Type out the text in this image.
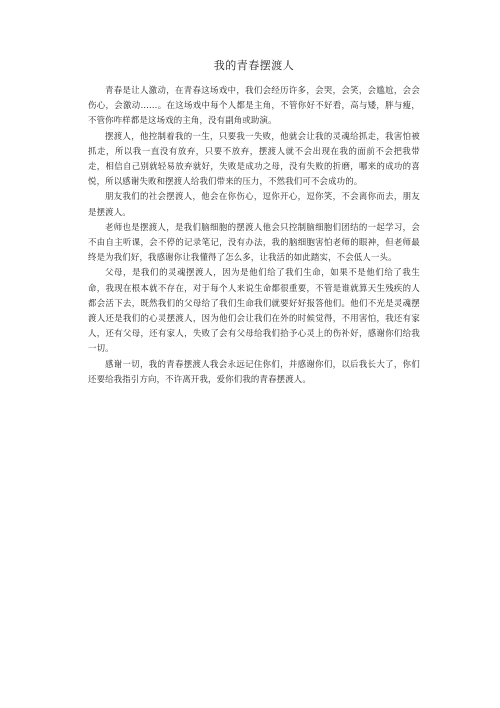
我的青春摆渡人

青春是让人激动，在青春这场戏中，我们会经历许多，会哭，会笑，会尴尬，会会伤心，会激动……。在这场戏中每个人都是主角，不管你好不好看，高与矮，胖与瘦，不管你咋样都是这场戏的主角，没有副角或助演。

摆渡人，他控制着我的一生，只要我一失败，他就会让我的灵魂给抓走，我害怕被抓走，所以我一直没有放弃，只要不放弃，摆渡人就不会出现在我的面前不会把我带走，相信自己别就轻易放弃就好，失败是成功之母，没有失败的折磨，哪来的成功的喜悦，所以感谢失败和摆渡人给我们带来的压力，不然我们可不会成功的。

朋友我们的社会摆渡人，他会在你伤心，逗你开心，逗你笑，不会离你而去，朋友是摆渡人。

老师也是摆渡人，是我们脑细胞的摆渡人他会只控制脑细胞们团结的一起学习，会不由自主听课，会不停的记录笔记，没有办法，我的脑细胞害怕老师的眼神，但老师最终是为我们好，我感谢你让我懂得了怎么多，让我活的如此踏实，不会低人一头。

父母，是我们的灵魂摆渡人，因为是他们给了我们生命，如果不是他们给了我生命，我现在根本就不存在，对于每个人来说生命都很重要，不管是谁就算天生残疾的人都会活下去，既然我们的父母给了我们生命我们就要好好报答他们。他们不光是灵魂摆渡人还是我们的心灵摆渡人，因为他们会让我们在外的时候觉得，不用害怕，我还有家人，还有父母，还有家人，失败了会有父母给我们拾予心灵上的伤补好，感谢你们给我一切。

感谢一切，我的青春摆渡人我会永远记住你们，并感谢你们，以后我长大了，你们还要给我指引方向，不许离开我，爱你们我的青春摆渡人。
